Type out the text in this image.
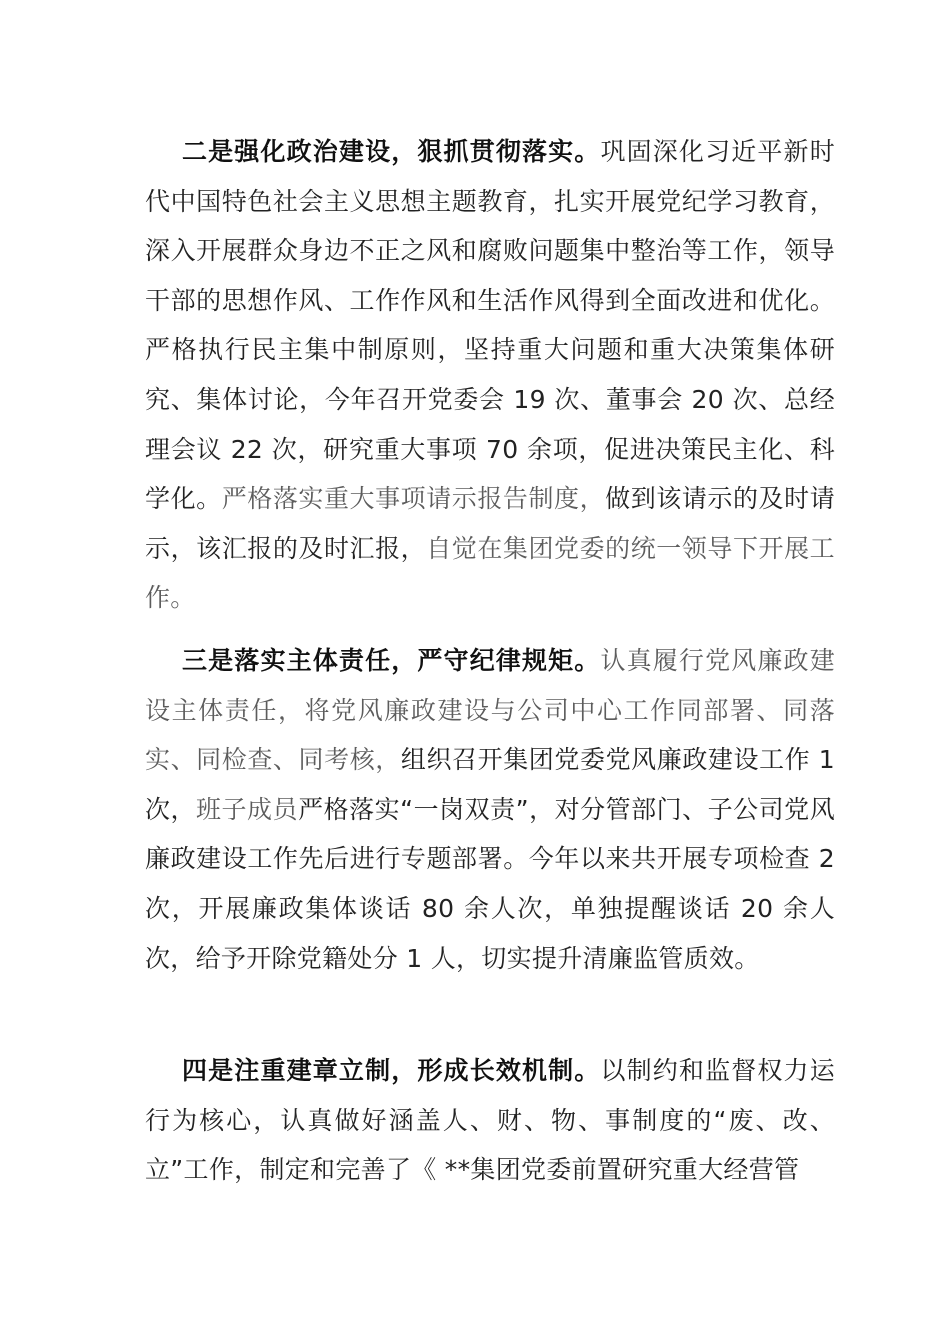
二是强化政治建设，狠抓贯彻落实。巩固深化习近平新时代中国特色社会主义思想主题教育，扎实开展党纪学习教育，深入开展群众身边不正之风和腐败问题集中整治等工作，领导干部的思想作风、工作作风和生活作风得到全面改进和优化。严格执行民主集中制原则，坚持重大问题和重大决策集体研究、集体讨论，今年召开党委会 19 次、董事会 20 次、总经理会议 22 次，研究重大事项 70 余项，促进决策民主化、科学化。严格落实重大事项请示报告制度，做到该请示的及时请示，该汇报的及时汇报，自觉在集团党委的统一领导下开展工作。

三是落实主体责任，严守纪律规矩。认真履行党风廉政建设主体责任，将党风廉政建设与公司中心工作同部署、同落实、同检查、同考核，组织召开集团党委党风廉政建设工作 1 次，班子成员严格落实“一岗双责”，对分管部门、子公司党风廉政建设工作先后进行专题部署。今年以来共开展专项检查 2 次，开展廉政集体谈话 80 余人次，单独提醒谈话 20 余人次，给予开除党籍处分 1 人，切实提升清廉监管质效。

四是注重建章立制，形成长效机制。以制约和监督权力运行为核心，认真做好涵盖人、财、物、事制度的“废、改、立”工作，制定和完善了《 **集团党委前置研究重大经营管
